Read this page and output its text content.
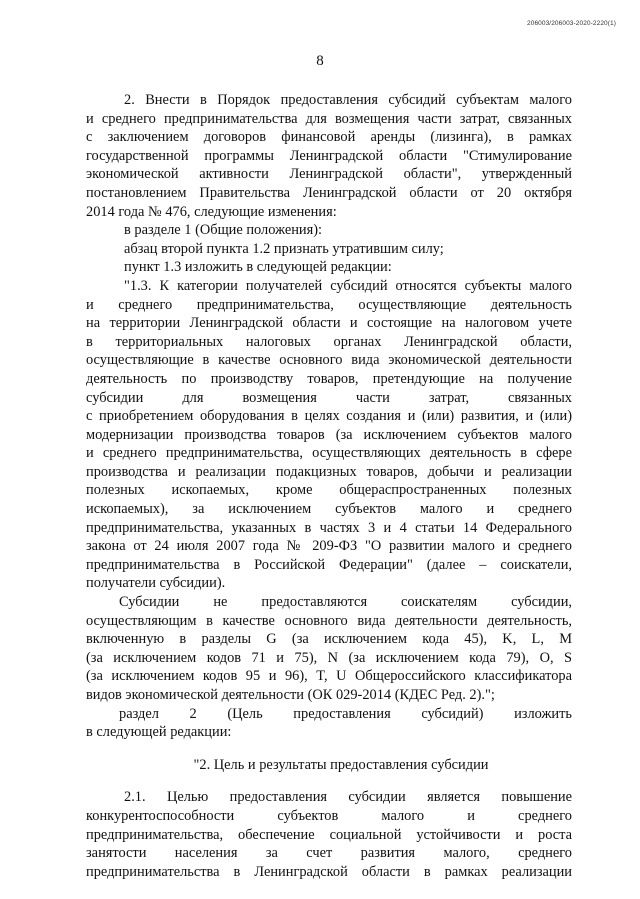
206003/206003-2020-2220(1)
8
2. Внести в Порядок предоставления субсидий субъектам малого
и среднего предпринимательства для возмещения части затрат, связанных
с заключением договоров финансовой аренды (лизинга), в рамках
государственной программы Ленинградской области "Стимулирование
экономической активности Ленинградской области", утвержденный
постановлением Правительства Ленинградской области от 20 октября
2014 года № 476, следующие изменения:
в разделе 1 (Общие положения):
абзац второй пункта 1.2 признать утратившим силу;
пункт 1.3 изложить в следующей редакции:
"1.3. К категории получателей субсидий относятся субъекты малого
и среднего предпринимательства, осуществляющие деятельность
на территории Ленинградской области и состоящие на налоговом учете
в территориальных налоговых органах Ленинградской области,
осуществляющие в качестве основного вида экономической деятельности
деятельность по производству товаров, претендующие на получение
субсидии для возмещения части затрат, связанных
с приобретением оборудования в целях создания и (или) развития, и (или)
модернизации производства товаров (за исключением субъектов малого
и среднего предпринимательства, осуществляющих деятельность в сфере
производства и реализации подакцизных товаров, добычи и реализации
полезных ископаемых, кроме общераспространенных полезных
ископаемых), за исключением субъектов малого и среднего
предпринимательства, указанных в частях 3 и 4 статьи 14 Федерального
закона от 24 июля 2007 года № 209-ФЗ "О развитии малого и среднего
предпринимательства в Российской Федерации" (далее – соискатели,
получатели субсидии).
Субсидии не предоставляются соискателям субсидии,
осуществляющим в качестве основного вида деятельности деятельность,
включенную в разделы G (за исключением кода 45), K, L, M
(за исключением кодов 71 и 75), N (за исключением кода 79), O, S
(за исключением кодов 95 и 96), T, U Общероссийского классификатора
видов экономической деятельности (ОК 029-2014 (КДЕС Ред. 2).";
раздел 2 (Цель предоставления субсидий) изложить
в следующей редакции:
"2. Цель и результаты предоставления субсидии
2.1. Целью предоставления субсидии является повышение
конкурентоспособности субъектов малого и среднего
предпринимательства, обеспечение социальной устойчивости и роста
занятости населения за счет развития малого, среднего
предпринимательства в Ленинградской области в рамках реализации
